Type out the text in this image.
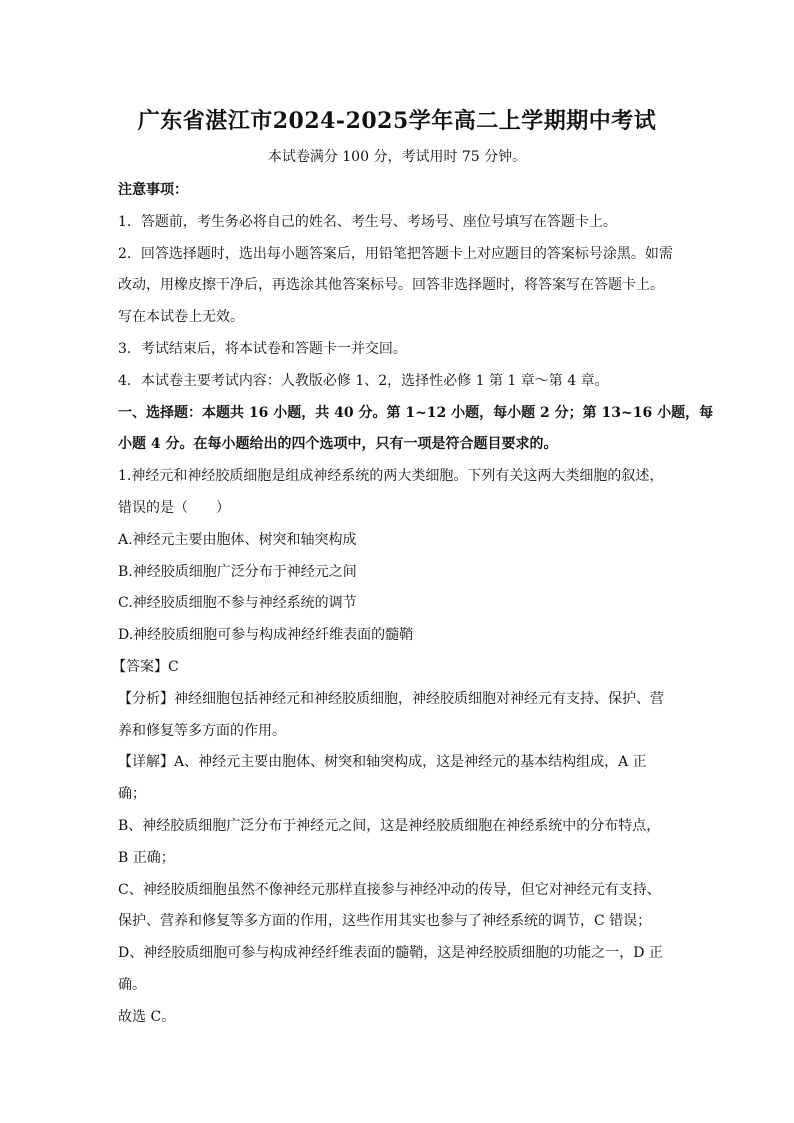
广东省湛江市2024-2025学年高二上学期期中考试
本试卷满分 100 分，考试用时 75 分钟。
注意事项：
1．答题前，考生务必将自己的姓名、考生号、考场号、座位号填写在答题卡上。
2．回答选择题时，选出每小题答案后，用铅笔把答题卡上对应题目的答案标号涂黑。如需
改动，用橡皮擦干净后，再选涂其他答案标号。回答非选择题时，将答案写在答题卡上。
写在本试卷上无效。
3．考试结束后，将本试卷和答题卡一并交回。
4．本试卷主要考试内容：人教版必修 1、2，选择性必修 1 第 1 章～第 4 章。
一、选择题：本题共 16 小题，共 40 分。第 1~12 小题，每小题 2 分；第 13~16 小题，每
小题 4 分。在每小题给出的四个选项中，只有一项是符合题目要求的。
1.神经元和神经胶质细胞是组成神经系统的两大类细胞。下列有关这两大类细胞的叙述，
错误的是（　　）
A.神经元主要由胞体、树突和轴突构成
B.神经胶质细胞广泛分布于神经元之间
C.神经胶质细胞不参与神经系统的调节
D.神经胶质细胞可参与构成神经纤维表面的髓鞘
【答案】C
【分析】神经细胞包括神经元和神经胶质细胞，神经胶质细胞对神经元有支持、保护、营
养和修复等多方面的作用。
【详解】A、神经元主要由胞体、树突和轴突构成，这是神经元的基本结构组成，A 正
确；
B、神经胶质细胞广泛分布于神经元之间，这是神经胶质细胞在神经系统中的分布特点，
B 正确；
C、神经胶质细胞虽然不像神经元那样直接参与神经冲动的传导，但它对神经元有支持、
保护、营养和修复等多方面的作用，这些作用其实也参与了神经系统的调节，C 错误；
D、神经胶质细胞可参与构成神经纤维表面的髓鞘，这是神经胶质细胞的功能之一，D 正
确。
故选 C。
